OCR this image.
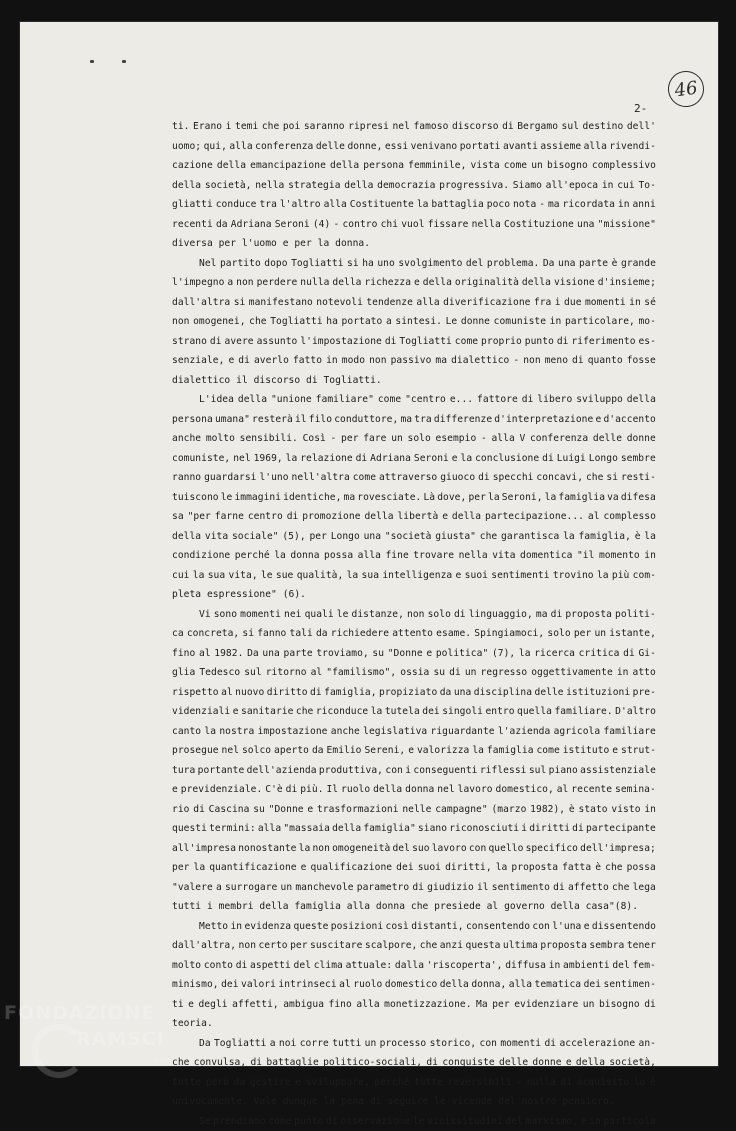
46
2-
ti. Erano i temi che poi saranno ripresi nel famoso discorso di Bergamo sul destino dell'
uomo; qui, alla conferenza delle donne, essi venivano portati avanti assieme alla rivendi-
cazione della emancipazione della persona femminile, vista come un bisogno complessivo
della società, nella strategia della democrazia progressiva. Siamo all'epoca in cui To-
gliatti conduce tra l'altro alla Costituente la battaglia poco nota - ma ricordata in anni
recenti da Adriana Seroni (4) - contro chi vuol fissare nella Costituzione una "missione"
diversa per l'uomo e per la donna.
Nel partito dopo Togliatti si ha uno svolgimento del problema. Da una parte è grande
l'impegno a non perdere nulla della richezza e della originalità della visione d'insieme;
dall'altra si manifestano notevoli tendenze alla diverificazione fra i due momenti in sé
non omogenei, che Togliatti ha portato a sintesi. Le donne comuniste in particolare, mo-
strano di avere assunto l'impostazione di Togliatti come proprio punto di riferimento es-
senziale, e di averlo fatto in modo non passivo ma dialettico - non meno di quanto fosse
dialettico il discorso di Togliatti.
L'idea della "unione familiare" come "centro e... fattore di libero sviluppo della
persona umana" resterà il filo conduttore, ma tra differenze d'interpretazione e d'accento
anche molto sensibili. Così - per fare un solo esempio - alla V conferenza delle donne
comuniste, nel 1969, la relazione di Adriana Seroni e la conclusione di Luigi Longo sembre
ranno guardarsi l'uno nell'altra come attraverso giuoco di specchi concavi, che si resti-
tuiscono le immagini identiche, ma rovesciate. Là dove, per la Seroni, la famiglia va difesa
sa "per farne centro di promozione della libertà e della partecipazione... al complesso
della vita sociale" (5), per Longo una "società giusta" che garantisca la famiglia, è la
condizione perché la donna possa alla fine trovare nella vita domentica "il momento in
cui la sua vita, le sue qualità, la sua intelligenza e suoi sentimenti trovino la più com-
pleta espressione" (6).
Vi sono momenti nei quali le distanze, non solo di linguaggio, ma di proposta politi-
ca concreta, si fanno tali da richiedere attento esame. Spingiamoci, solo per un istante,
fino al 1982. Da una parte troviamo, su "Donne e politica" (7), la ricerca critica di Gi-
glia Tedesco sul ritorno al "familismo", ossia su di un regresso oggettivamente in atto
rispetto al nuovo diritto di famiglia, propiziato da una disciplina delle istituzioni pre-
videnziali e sanitarie che riconduce la tutela dei singoli entro quella familiare. D'altro
canto la nostra impostazione anche legislativa riguardante l'azienda agricola familiare
prosegue nel solco aperto da Emilio Sereni, e valorizza la famiglia come istituto e strut-
tura portante dell'azienda produttiva, con i conseguenti riflessi sul piano assistenziale
e previdenziale. C'è di più. Il ruolo della donna nel lavoro domestico, al recente semina-
rio di Cascina su "Donne e trasformazioni nelle campagne" (marzo 1982), è stato visto in
questi termini: alla "massaia della famiglia" siano riconosciuti i diritti di partecipante
all'impresa nonostante la non omogeneità del suo lavoro con quello specifico dell'impresa;
per la quantificazione e qualificazione dei suoi diritti, la proposta fatta è che possa
"valere a surrogare un manchevole parametro di giudizio il sentimento di affetto che lega
tutti i membri della famiglia alla donna che presiede al governo della casa"(8).
Metto in evidenza queste posizioni così distanti, consentendo con l'una e dissentendo
dall'altra, non certo per suscitare scalpore, che anzi questa ultima proposta sembra tener
molto conto di aspetti del clima attuale: dalla 'riscoperta', diffusa in ambienti del fem-
minismo, dei valori intrinseci al ruolo domestico della donna, alla tematica dei sentimen-
ti e degli affetti, ambigua fino alla monetizzazione. Ma per evidenziare un bisogno di
teoria.
Da Togliatti a noi corre tutti un processo storico, con momenti di accelerazione an-
che convulsa, di battaglie politico-sociali, di conquiste delle donne e della società,
tutte però da gestire e sviluppare, perché tutte reversibili - nulla di acquisito lo è
univocamente. Vale dunque la pena di seguire le vicende del nostro pensiero.
Se prendiamo come punto di osservazione le vicissitudini del marxismo, e in particola
FONDAZIONE
RAMSCI
onlus
